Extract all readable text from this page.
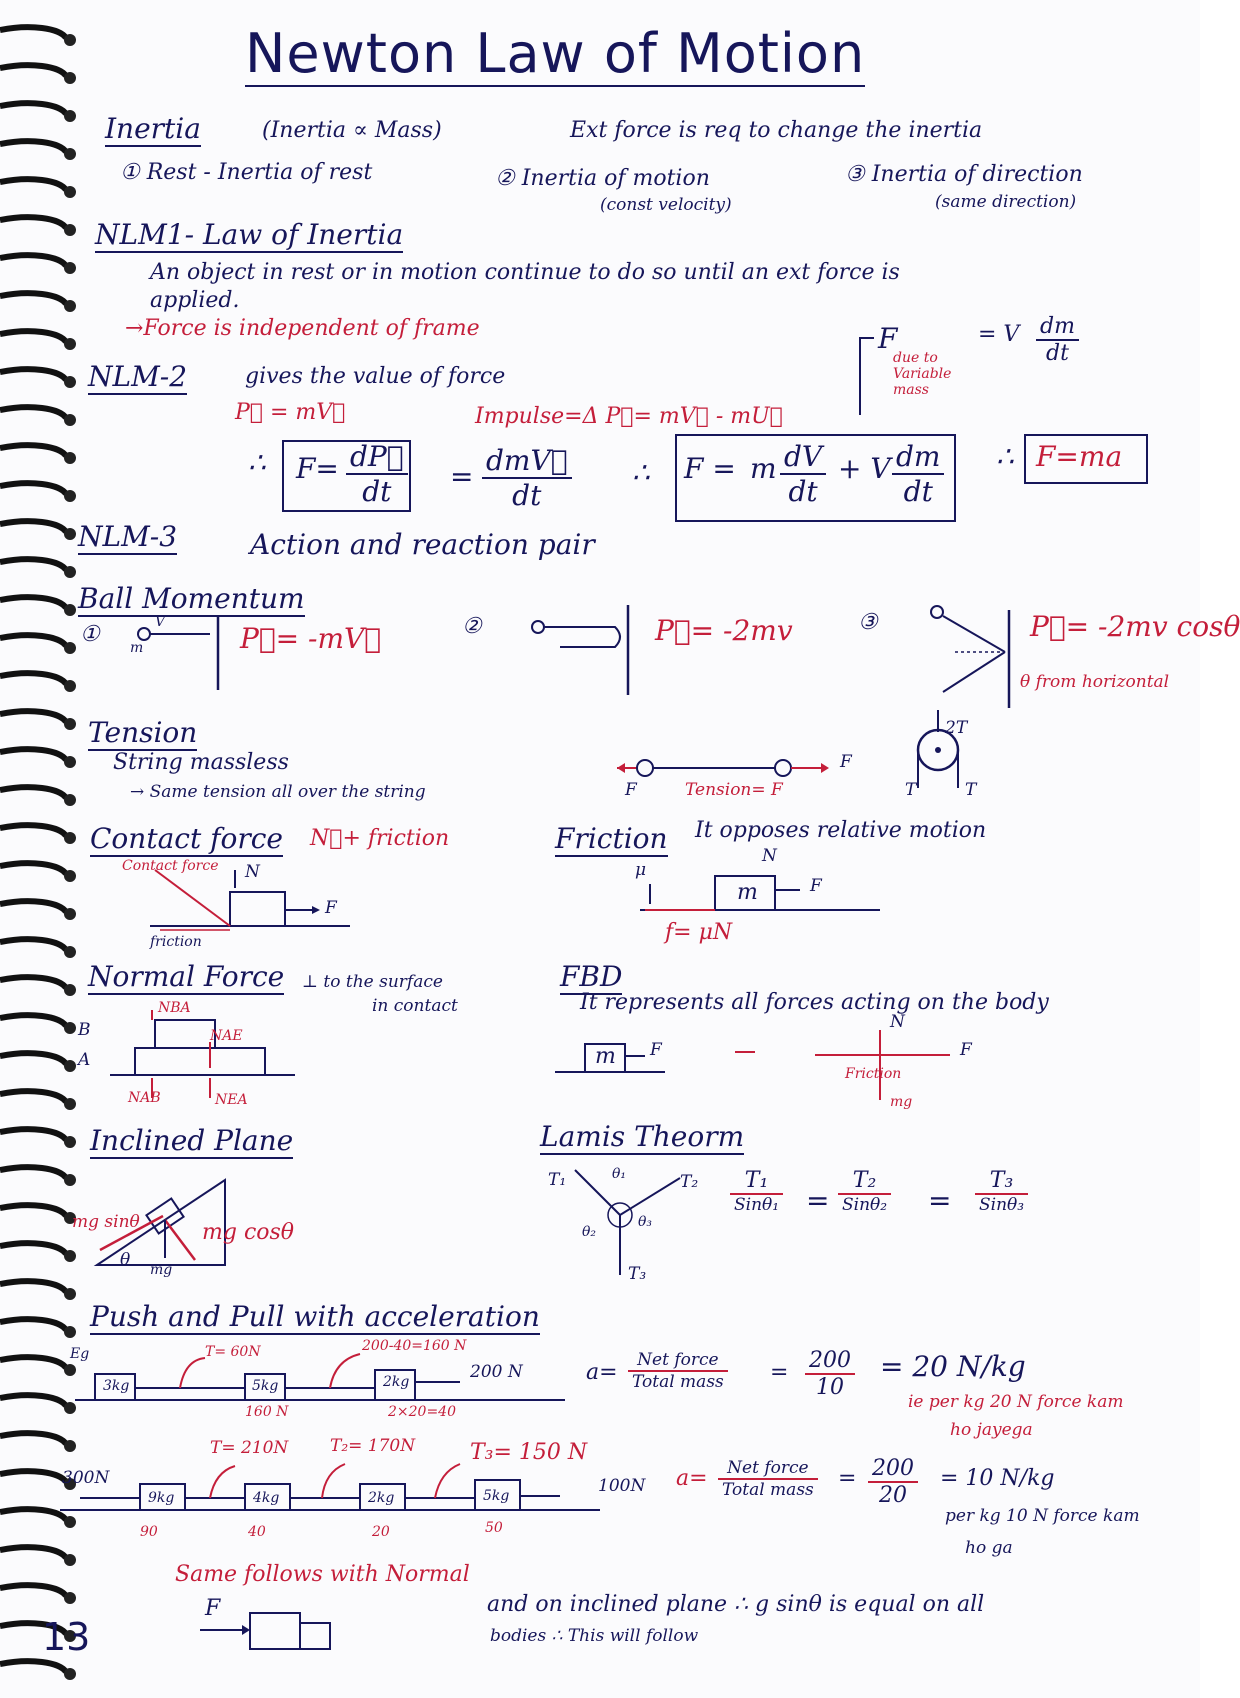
Newton Law of Motion
Inertia	(Inertia ∝ Mass)	Ext force is req to change the inertia
① Rest - Inertia of rest	② Inertia of motion
(const velocity)
③ Inertia of direction
(same direction)
NLM1- Law of Inertia
An object in rest or in motion continue to do so until an ext force is
applied.
→Force is independent of frame
NLM-2	gives the value of force
P⃗ = mV⃗	Impulse=Δ P⃗= mV⃗ - mU⃗
F
due to Variable mass
= V $\frac{dm}{dt}$
∴ $F= \frac{dP⃗}{dt}$ = dmV⃗
dt
∴ F = m $\frac{dV}{dt} + V \frac{dm}{dt}$ ∴ F=ma
NLM-3	Action and reaction pair
Ball Momentum
①	V
m	P⃗= -mV⃗	②	P⃗= -2mv	③	P⃗= -2mv cosθ
θ from horizontal
Tension
String massless
→ Same tension all over the string	F	Tension= F
F
2T
T	T
Contact force N⃗+ friction
Contact force N
F
friction
Friction It opposes relative motion
μ
m
N
F
f= μN
Normal Force ⊥ to the surface
in contact
NBA
NAE
NAB	NEA
B
A
FBD
It represents all forces acting on the body
m F
N
F
Friction
mg
Inclined Plane
mg sinθ	mg cosθ
θ mg
Lamis Theorm
T₁	T₂
T₃
θ₁
θ₂
θ₃
T₁
Sinθ₁ =
T₂
Sinθ₂ =
T₃
Sinθ₃
Push and Pull with acceleration
Eg
3kg	5kg	2kg
T= 60N	200-40=160 N
200 N
160 N	2×20=40
a=	Net force
Total mass = $\frac{200}{10} = 20$ N/kg
ie per kg 20 N force kam
ho jayega
T= 210N T₂= 170N T₃= 150 N
300N	100N
9kg	4kg	2kg	5kg
90	40	20	50
a=	Net force
Total mass = $\frac{200}{20} = 10$ N/kg
per kg 10 N force kam
ho ga
Same follows with Normal
and on inclined plane ∴ g sinθ is equal on all
bodies ∴ This will follow
F
13
